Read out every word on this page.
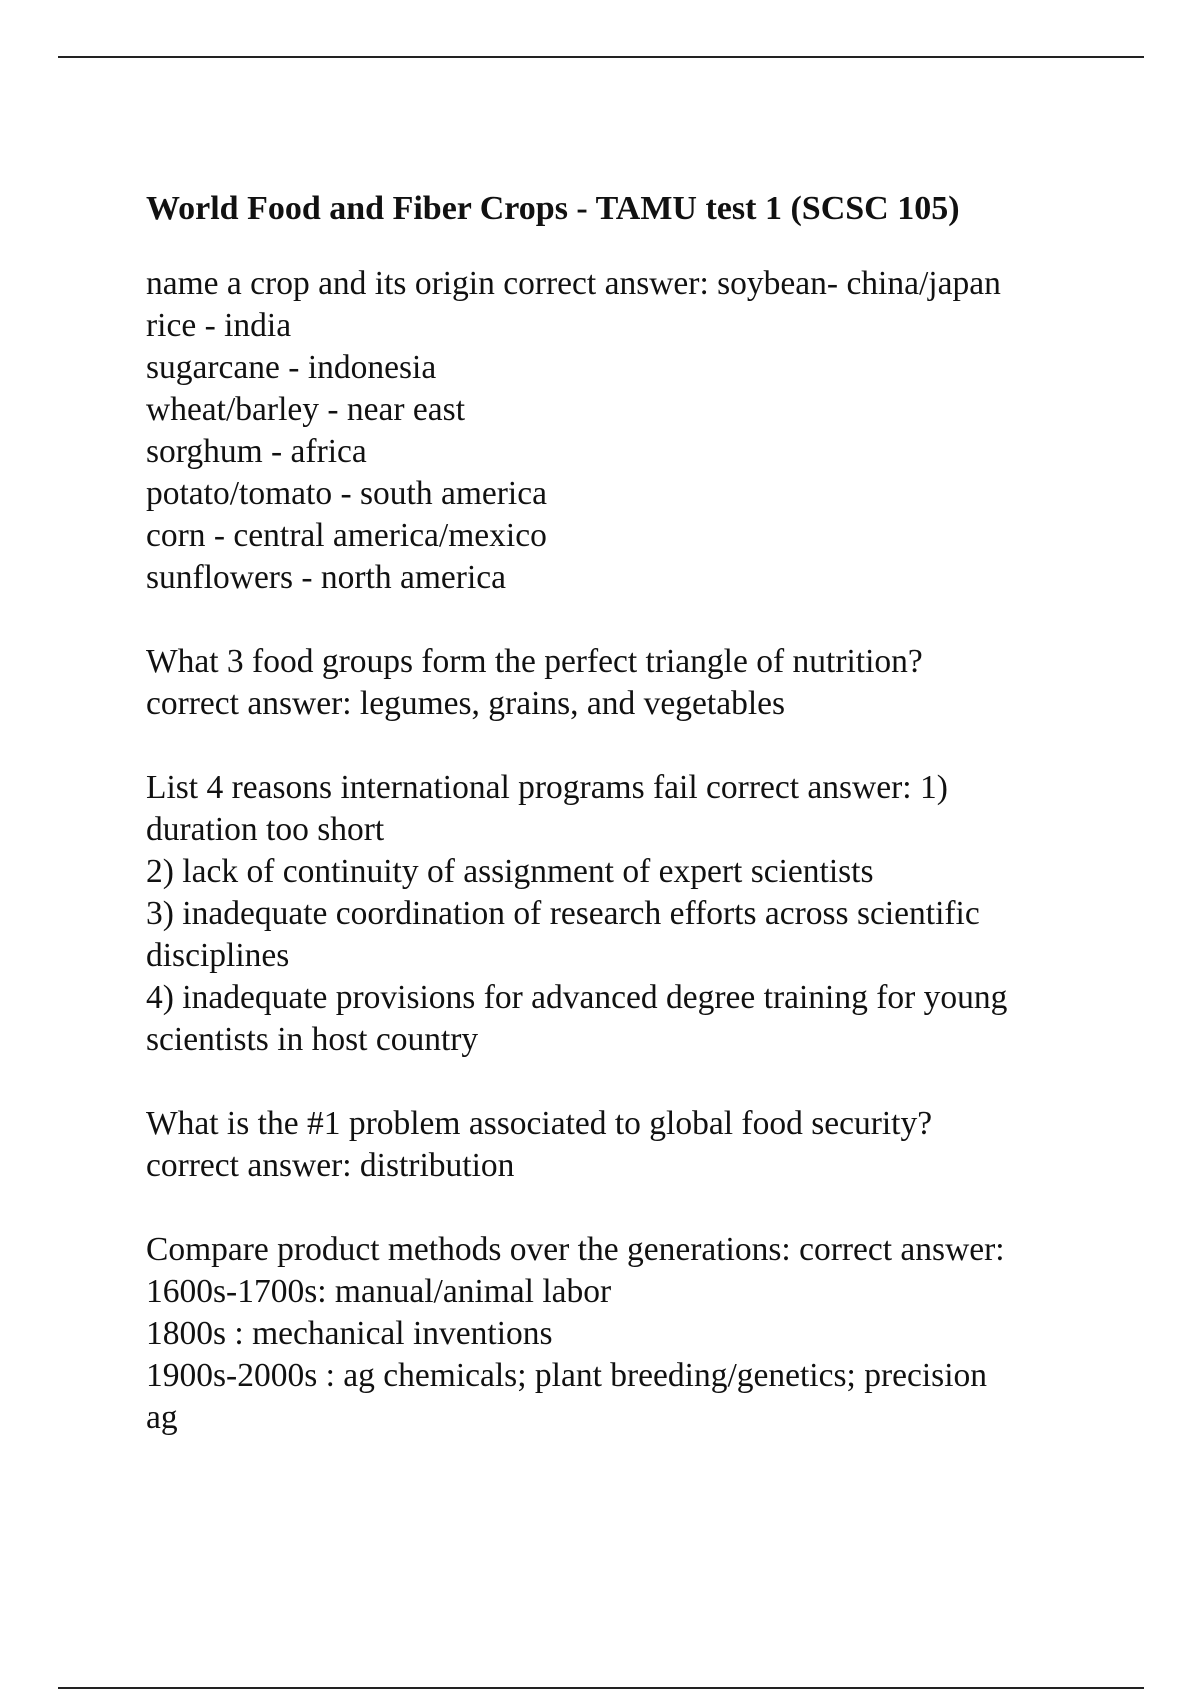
World Food and Fiber Crops - TAMU test 1 (SCSC 105)
name a crop and its origin correct answer: soybean- china/japan
rice - india
sugarcane - indonesia
wheat/barley - near east
sorghum - africa
potato/tomato - south america
corn - central america/mexico
sunflowers - north america
What 3 food groups form the perfect triangle of nutrition?
correct answer: legumes, grains, and vegetables
List 4 reasons international programs fail correct answer: 1)
duration too short
2) lack of continuity of assignment of expert scientists
3) inadequate coordination of research efforts across scientific
disciplines
4) inadequate provisions for advanced degree training for young
scientists in host country
What is the #1 problem associated to global food security?
correct answer: distribution
Compare product methods over the generations: correct answer:
1600s-1700s: manual/animal labor
1800s : mechanical inventions
1900s-2000s : ag chemicals; plant breeding/genetics; precision
ag
